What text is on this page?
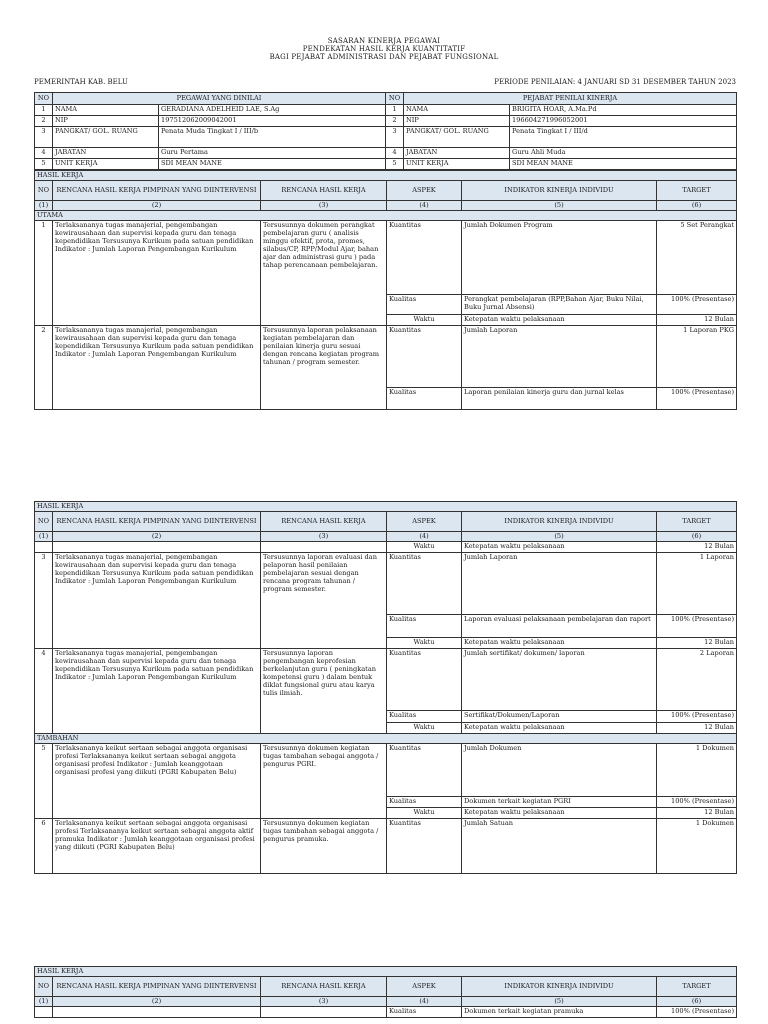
SASARAN KINERJA PEGAWAI
PENDEKATAN HASIL KERJA KUANTITATIF
BAGI PEJABAT ADMINISTRASI DAN PEJABAT FUNGSIONAL
PEMERINTAH KAB. BELU	PERIODE PENILAIAN: 4 JANUARI SD 31 DESEMBER TAHUN 2023
NO	PEGAWAI YANG DINILAI		NO	PEJABAT PENILAI KINERJA	
1	NAMA	GERADIANA ADELHEID LAE, S.Ag	1	NAMA	BRIGITA HOAR, A.Ma.Pd
2	NIP	197512062009042001	2	NIP	196604271996052001
3	PANGKAT/ GOL. RUANG	Penata Muda Tingkat I / III/b	3	PANGKAT/ GOL. RUANG	Penata Tingkat I / III/d
4	JABATAN	Guru Pertama	4	JABATAN	Guru Ahli Muda
5	UNIT KERJA	SDI MEAN MANE	5	UNIT KERJA	SDI MEAN MANE
HASIL KERJA					
NO	RENCANA HASIL KERJA PIMPINAN YANG DIINTERVENSI	RENCANA HASIL KERJA	ASPEK	INDIKATOR KINERJA INDIVIDU	TARGET
(1)	(2)	(3)	(4)	(5)	(6)
UTAMA					
1	Terlaksananya tugas manajerial, pengembangan kewirausahaan dan supervisi kepada guru dan tenaga kependidikan Tersusunya Kurikum pada satuan pendidikan Indikator : Jumlah Laporan Pengembangan Kurikulum	Tersusunnya dokumen perangkat pembelajaran guru ( analisis minggu efektif, prota, promes, silabus/CP, RPP/Modul Ajar, bahan ajar dan administrasi guru ) pada tahap perencanaan pembelajaran.	Kuantitas	Jumlah Dokumen Program	5 Set Perangkat
			Kualitas	Perangkat pembelajaran (RPP,Bahan Ajar, Buku Nilai, Buku Jurnal Absensi)	100% (Presentase)
			Waktu	Ketepatan waktu pelaksanaan	12 Bulan
2	Terlaksananya tugas manajerial, pengembangan kewirausahaan dan supervisi kepada guru dan tenaga kependidikan Tersusunya Kurikum pada satuan pendidikan Indikator : Jumlah Laporan Pengembangan Kurikulum	Tersusunnya laporan pelaksanaan kegiatan pembelajaran dan penilaian kinerja guru sesuai dengan rencana kegiatan program tahunan / program semester.	Kuantitas	Jumlah Laporan	1 Laporan PKG
			Kualitas	Laporan penilaian kinerja guru dan jurnal kelas	100% (Presentase)
HASIL KERJA					
NO	RENCANA HASIL KERJA PIMPINAN YANG DIINTERVENSI	RENCANA HASIL KERJA	ASPEK	INDIKATOR KINERJA INDIVIDU	TARGET
(1)	(2)	(3)	(4)	(5)	(6)
			Waktu	Ketepatan waktu pelaksanaan	12 Bulan
3	Terlaksananya tugas manajerial, pengembangan kewirausahaan dan supervisi kepada guru dan tenaga kependidikan Tersusunya Kurikum pada satuan pendidikan Indikator : Jumlah Laporan Pengembangan Kurikulum	Tersusunnya laporan evaluasi dan pelaporan hasil penilaian pembelajaran sesuai dengan rencana program tahunan / program semester.	Kuantitas	Jumlah Laporan	1 Laporan
			Kualitas	Laporan evaluasi pelaksanaan pembelajaran dan raport	100% (Presentase)
			Waktu	Ketepatan waktu pelaksanaan	12 Bulan
4	Terlaksananya tugas manajerial, pengembangan kewirausahaan dan supervisi kepada guru dan tenaga kependidikan Tersusunya Kurikum pada satuan pendidikan Indikator : Jumlah Laporan Pengembangan Kurikulum	Tersusunnya laporan pengembangan keprofesian berkelanjutan guru ( peningkatan kompetensi guru ) dalam bentuk diklat fungsional guru atau karya tulis ilmiah.	Kuantitas	Jumlah sertifikat/ dokumen/ laporan	2 Laporan
			Kualitas	Sertifikat/Dokumen/Laporan	100% (Presentase)
			Waktu	Ketepatan waktu pelaksanaan	12 Bulan
TAMBAHAN					
5	Terlaksananya keikut sertaan sebagai anggota organisasi profesi Terlaksananya keikut sertaan sebagai anggota organisasi profesi Indikator : Jumlah keanggotaan organisasi profesi yang diikuti (PGRI Kabupaten Belu)	Tersusunnya dokumen kegiatan tugas tambahan sebagai anggota / pengurus PGRI.	Kuantitas	Jumlah Dokumen	1 Dokumen
			Kualitas	Dokumen terkait kegiatan PGRI	100% (Presentase)
			Waktu	Ketepatan waktu pelaksanaan	12 Bulan
6	Terlaksananya keikut sertaan sebagai anggota organisasi profesi Terlaksananya keikut sertaan sebagai anggota aktif pramuka Indikator : Jumlah keanggotaan organisasi profesi yang diikuti (PGRI Kabupaten Belu)	Tersusunnya dokumen kegiatan tugas tambahan sebagai anggota / pengurus pramuka.	Kuantitas	Jumlah Satuan	1 Dokumen
HASIL KERJA					
NO	RENCANA HASIL KERJA PIMPINAN YANG DIINTERVENSI	RENCANA HASIL KERJA	ASPEK	INDIKATOR KINERJA INDIVIDU	TARGET
(1)	(2)	(3)	(4)	(5)	(6)
			Kualitas	Dokumen terkait kegiatan pramuka	100% (Presentase)
